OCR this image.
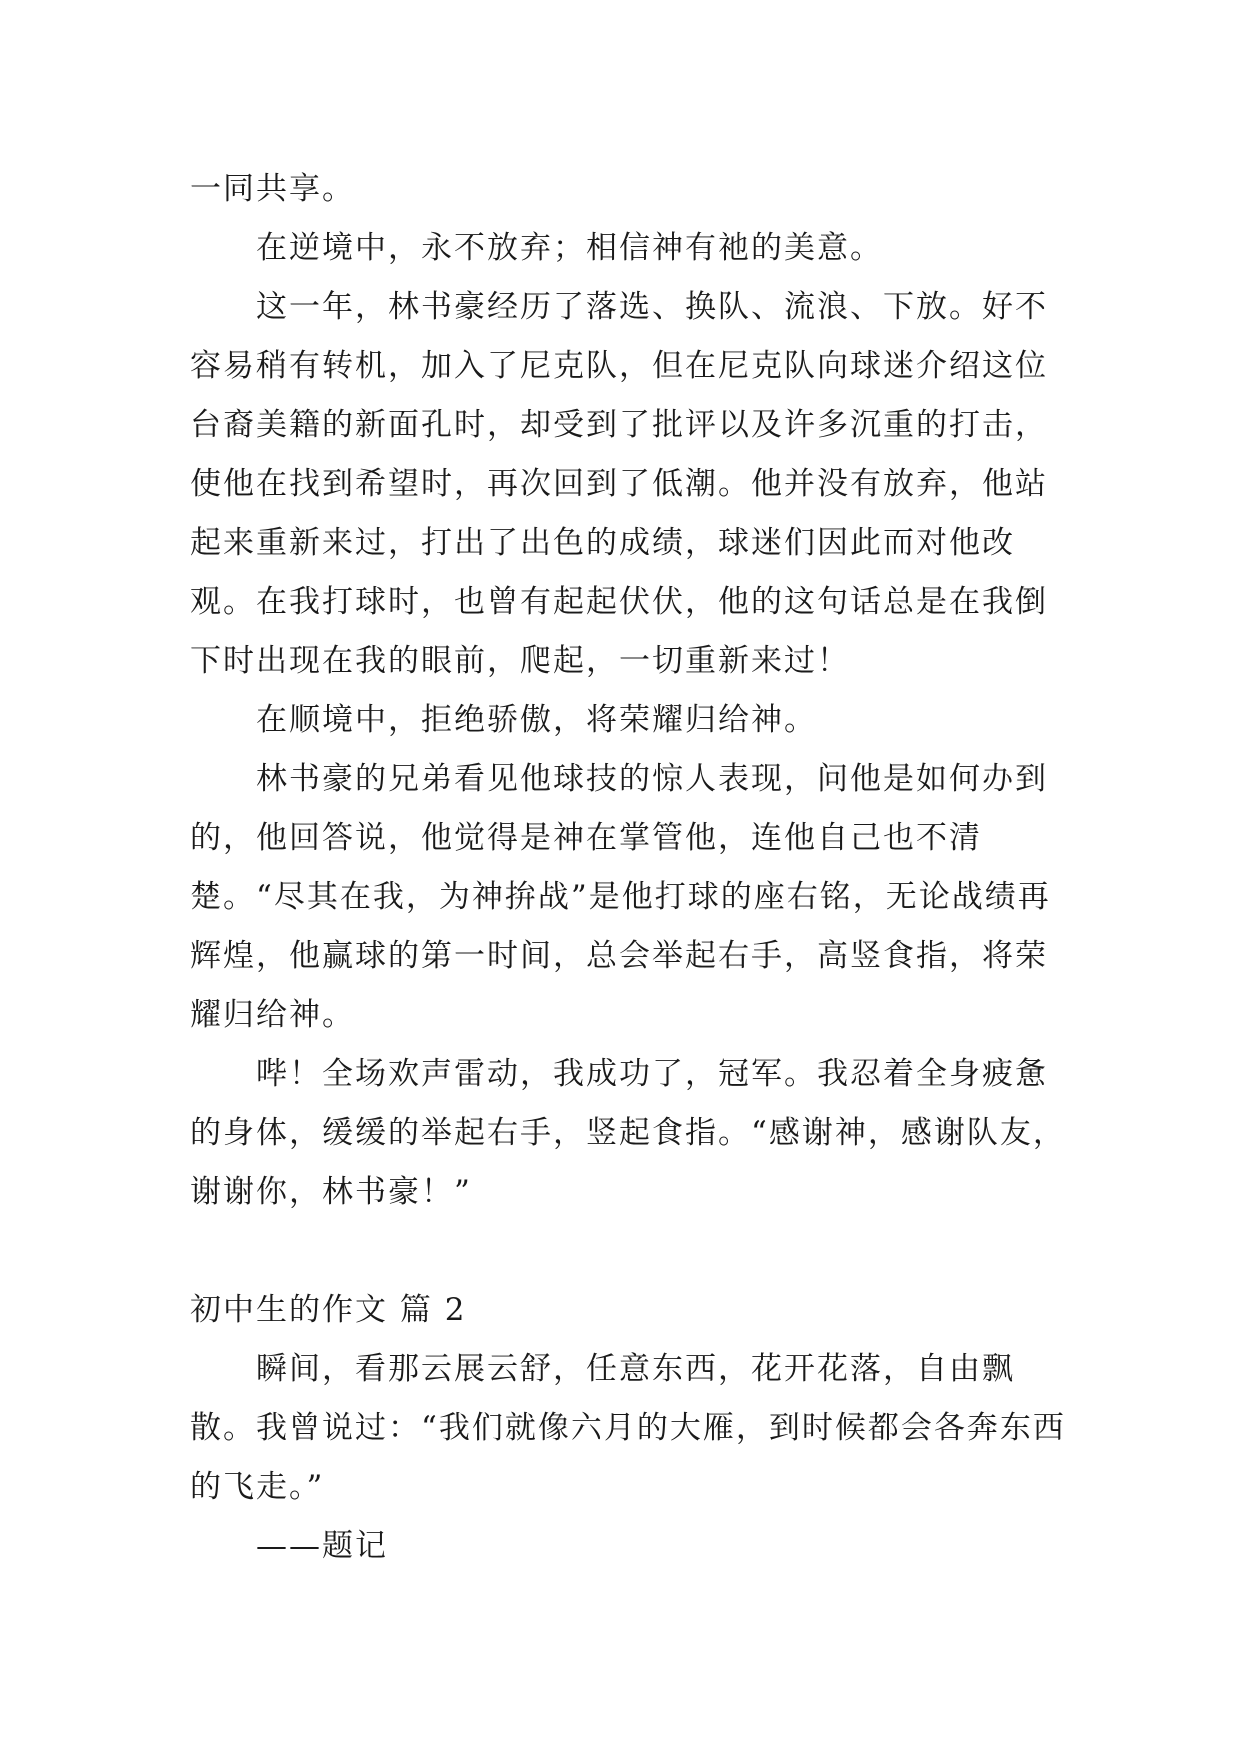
一同共享。

在逆境中，永不放弃；相信神有祂的美意。

这一年，林书豪经历了落选、换队、流浪、下放。好不容易稍有转机，加入了尼克队，但在尼克队向球迷介绍这位台裔美籍的新面孔时，却受到了批评以及许多沉重的打击，使他在找到希望时，再次回到了低潮。他并没有放弃，他站起来重新来过，打出了出色的成绩，球迷们因此而对他改观。在我打球时，也曾有起起伏伏，他的这句话总是在我倒下时出现在我的眼前，爬起，一切重新来过！

在顺境中，拒绝骄傲，将荣耀归给神。

林书豪的兄弟看见他球技的惊人表现，问他是如何办到的，他回答说，他觉得是神在掌管他，连他自己也不清楚。“尽其在我，为神拚战”是他打球的座右铭，无论战绩再辉煌，他赢球的第一时间，总会举起右手，高竖食指，将荣耀归给神。

哔！全场欢声雷动，我成功了，冠军。我忍着全身疲惫的身体，缓缓的举起右手，竖起食指。“感谢神，感谢队友，谢谢你，林书豪！”

初中生的作文 篇 2

瞬间，看那云展云舒，任意东西，花开花落，自由飘散。我曾说过：“我们就像六月的大雁，到时候都会各奔东西的飞走。”

——题记
